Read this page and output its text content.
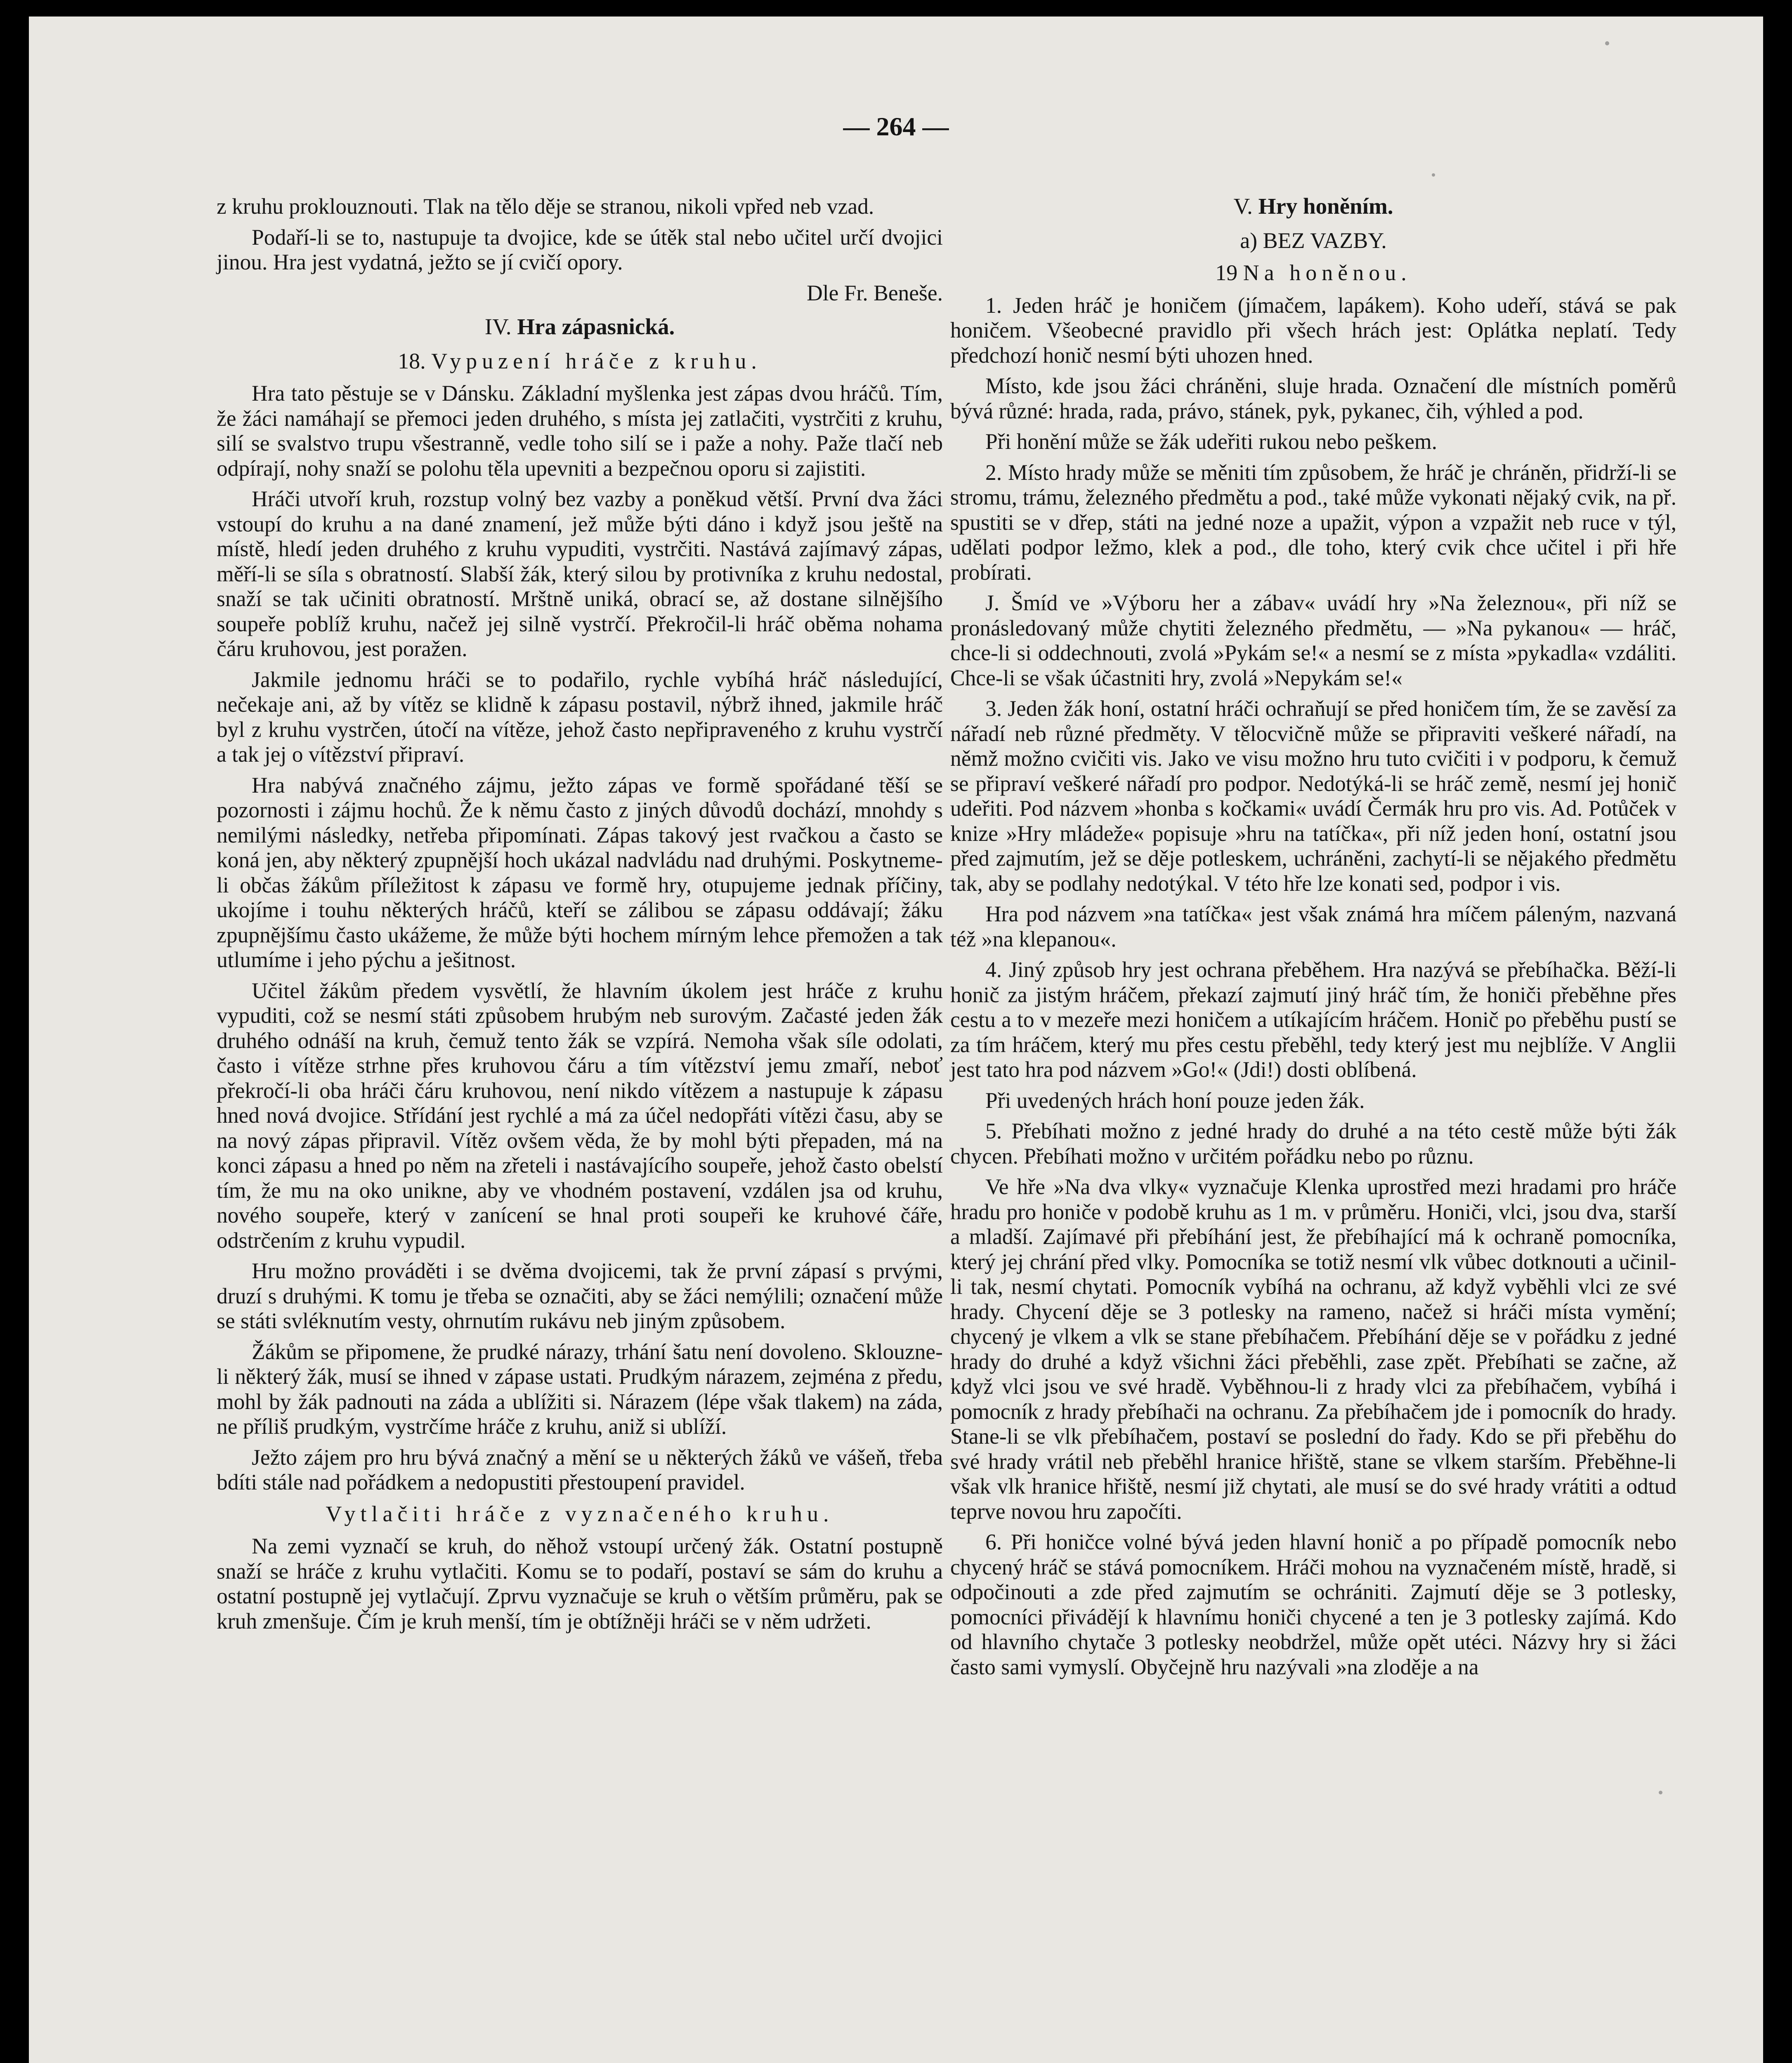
— 264 —

z kruhu proklouznouti. Tlak na tělo děje se stranou, nikoli vpřed neb vzad.

Podaří-li se to, nastupuje ta dvojice, kde se útěk stal nebo učitel určí dvojici jinou. Hra jest vydatná, ježto se jí cvičí opory.

Dle Fr. Beneše.
IV. Hra zápasnická.
18. Vypuzení hráče z kruhu.

Hra tato pěstuje se v Dánsku. Základní myšlenka jest zápas dvou hráčů. Tím, že žáci namáhají se přemoci jeden druhého, s místa jej zatlačiti, vystrčiti z kruhu, silí se svalstvo trupu všestranně, vedle toho silí se i paže a nohy. Paže tlačí neb odpírají, nohy snaží se polohu těla upevniti a bezpečnou oporu si zajistiti.

Hráči utvoří kruh, rozstup volný bez vazby a poněkud větší. První dva žáci vstoupí do kruhu a na dané znamení, jež může býti dáno i když jsou ještě na místě, hledí jeden druhého z kruhu vypuditi, vystrčiti. Nastává zajímavý zápas, měří-li se síla s obratností. Slabší žák, který silou by protivníka z kruhu nedostal, snaží se tak učiniti obratností. Mrštně uniká, obrací se, až dostane silnějšího soupeře poblíž kruhu, načež jej silně vystrčí. Překročil-li hráč oběma nohama čáru kruhovou, jest poražen.

Jakmile jednomu hráči se to podařilo, rychle vybíhá hráč následující, nečekaje ani, až by vítěz se klidně k zápasu postavil, nýbrž ihned, jakmile hráč byl z kruhu vystrčen, útočí na vítěze, jehož často nepřipraveného z kruhu vystrčí a tak jej o vítězství připraví.

Hra nabývá značného zájmu, ježto zápas ve formě spořádané těší se pozornosti i zájmu hochů. Že k němu často z jiných důvodů dochází, mnohdy s nemilými následky, netřeba připomínati. Zápas takový jest rvačkou a často se koná jen, aby některý zpupnější hoch ukázal nadvládu nad druhými. Poskytneme-li občas žákům příležitost k zápasu ve formě hry, otupujeme jednak příčiny, ukojíme i touhu některých hráčů, kteří se zálibou se zápasu oddávají; žáku zpupnějšímu často ukážeme, že může býti hochem mírným lehce přemožen a tak utlumíme i jeho pýchu a ješitnost.

Učitel žákům předem vysvětlí, že hlavním úkolem jest hráče z kruhu vypuditi, což se nesmí státi způsobem hrubým neb surovým. Začasté jeden žák druhého odnáší na kruh, čemuž tento žák se vzpírá. Nemoha však síle odolati, často i vítěze strhne přes kruhovou čáru a tím vítězství jemu zmaří, neboť překročí-li oba hráči čáru kruhovou, není nikdo vítězem a nastupuje k zápasu hned nová dvojice. Střídání jest rychlé a má za účel nedopřáti vítězi času, aby se na nový zápas připravil. Vítěz ovšem věda, že by mohl býti přepaden, má na konci zápasu a hned po něm na zřeteli i nastávajícího soupeře, jehož často obelstí tím, že mu na oko unikne, aby ve vhodném postavení, vzdálen jsa od kruhu, nového soupeře, který v zanícení se hnal proti soupeři ke kruhové čáře, odstrčením z kruhu vypudil.

Hru možno prováděti i se dvěma dvojicemi, tak že první zápasí s prvými, druzí s druhými. K tomu je třeba se označiti, aby se žáci nemýlili; označení může se státi svléknutím vesty, ohrnutím rukávu neb jiným způsobem.

Žákům se připomene, že prudké nárazy, trhání šatu není dovoleno. Sklouzne-li některý žák, musí se ihned v zápase ustati. Prudkým nárazem, zejména z předu, mohl by žák padnouti na záda a ublížiti si. Nárazem (lépe však tlakem) na záda, ne příliš prudkým, vystrčíme hráče z kruhu, aniž si ublíží.

Ježto zájem pro hru bývá značný a mění se u některých žáků ve vášeň, třeba bdíti stále nad pořádkem a nedopustiti přestoupení pravidel.

Vytlačiti hráče z vyznačeného kruhu.

Na zemi vyznačí se kruh, do něhož vstoupí určený žák. Ostatní postupně snaží se hráče z kruhu vytlačiti. Komu se to podaří, postaví se sám do kruhu a ostatní postupně jej vytlačují. Zprvu vyznačuje se kruh o větším průměru, pak se kruh zmenšuje. Čím je kruh menší, tím je obtížněji hráči se v něm udržeti.

V. Hry honěním.
a) BEZ VAZBY.
19 Na honěnou.

1. Jeden hráč je honičem (jímačem, lapákem). Koho udeří, stává se pak honičem. Všeobecné pravidlo při všech hrách jest: Oplátka neplatí. Tedy předchozí honič nesmí býti uhozen hned.

Místo, kde jsou žáci chráněni, sluje hrada. Označení dle místních poměrů bývá různé: hrada, rada, právo, stánek, pyk, pykanec, čih, výhled a pod.

Při honění může se žák udeřiti rukou nebo peškem.

2. Místo hrady může se měniti tím způsobem, že hráč je chráněn, přidrží-li se stromu, trámu, železného předmětu a pod., také může vykonati nějaký cvik, na př. spustiti se v dřep, státi na jedné noze a upažit, výpon a vzpažit neb ruce v týl, udělati podpor ležmo, klek a pod., dle toho, který cvik chce učitel i při hře probírati.

J. Šmíd ve »Výboru her a zábav« uvádí hry »Na železnou«, při níž se pronásledovaný může chytiti železného předmětu, — »Na pykanou« — hráč, chce-li si oddechnouti, zvolá »Pykám se!« a nesmí se z místa »pykadla« vzdáliti. Chce-li se však účastniti hry, zvolá »Nepykám se!«

3. Jeden žák honí, ostatní hráči ochraňují se před honičem tím, že se zavěsí za nářadí neb různé předměty. V tělocvičně může se připraviti veškeré nářadí, na němž možno cvičiti vis. Jako ve visu možno hru tuto cvičiti i v podporu, k čemuž se připraví veškeré nářadí pro podpor. Nedotýká-li se hráč země, nesmí jej honič udeřiti. Pod názvem »honba s kočkami« uvádí Čermák hru pro vis. Ad. Potůček v knize »Hry mládeže« popisuje »hru na tatíčka«, při níž jeden honí, ostatní jsou před zajmutím, jež se děje potleskem, uchráněni, zachytí-li se nějakého předmětu tak, aby se podlahy nedotýkal. V této hře lze konati sed, podpor i vis.

Hra pod názvem »na tatíčka« jest však známá hra míčem páleným, nazvaná též »na klepanou«.

4. Jiný způsob hry jest ochrana přeběhem. Hra nazývá se přebíhačka. Běží-li honič za jistým hráčem, překazí zajmutí jiný hráč tím, že honiči přeběhne přes cestu a to v mezeře mezi honičem a utíkajícím hráčem. Honič po přeběhu pustí se za tím hráčem, který mu přes cestu přeběhl, tedy který jest mu nejblíže. V Anglii jest tato hra pod názvem »Go!« (Jdi!) dosti oblíbená.

Při uvedených hrách honí pouze jeden žák.

5. Přebíhati možno z jedné hrady do druhé a na této cestě může býti žák chycen. Přebíhati možno v určitém pořádku nebo po různu.

Ve hře »Na dva vlky« vyznačuje Klenka uprostřed mezi hradami pro hráče hradu pro honiče v podobě kruhu as 1 m. v průměru. Honiči, vlci, jsou dva, starší a mladší. Zajímavé při přebíhání jest, že přebíhající má k ochraně pomocníka, který jej chrání před vlky. Pomocníka se totiž nesmí vlk vůbec dotknouti a učinil-li tak, nesmí chytati. Pomocník vybíhá na ochranu, až když vyběhli vlci ze své hrady. Chycení děje se 3 potlesky na rameno, načež si hráči místa vymění; chycený je vlkem a vlk se stane přebíhačem. Přebíhání děje se v pořádku z jedné hrady do druhé a když všichni žáci přeběhli, zase zpět. Přebíhati se začne, až když vlci jsou ve své hradě. Vyběhnou-li z hrady vlci za přebíhačem, vybíhá i pomocník z hrady přebíhači na ochranu. Za přebíhačem jde i pomocník do hrady. Stane-li se vlk přebíhačem, postaví se poslední do řady. Kdo se při přeběhu do své hrady vrátil neb přeběhl hranice hřiště, stane se vlkem starším. Přeběhne-li však vlk hranice hřiště, nesmí již chytati, ale musí se do své hrady vrátiti a odtud teprve novou hru započíti.

6. Při honičce volné bývá jeden hlavní honič a po případě pomocník nebo chycený hráč se stává pomocníkem. Hráči mohou na vyznačeném místě, hradě, si odpočinouti a zde před zajmutím se ochrániti. Zajmutí děje se 3 potlesky, pomocníci přivádějí k hlavnímu honiči chycené a ten je 3 potlesky zajímá. Kdo od hlavního chytače 3 potlesky neobdržel, může opět utéci. Názvy hry si žáci často sami vymyslí. Obyčejně hru nazývali »na zloděje a na
